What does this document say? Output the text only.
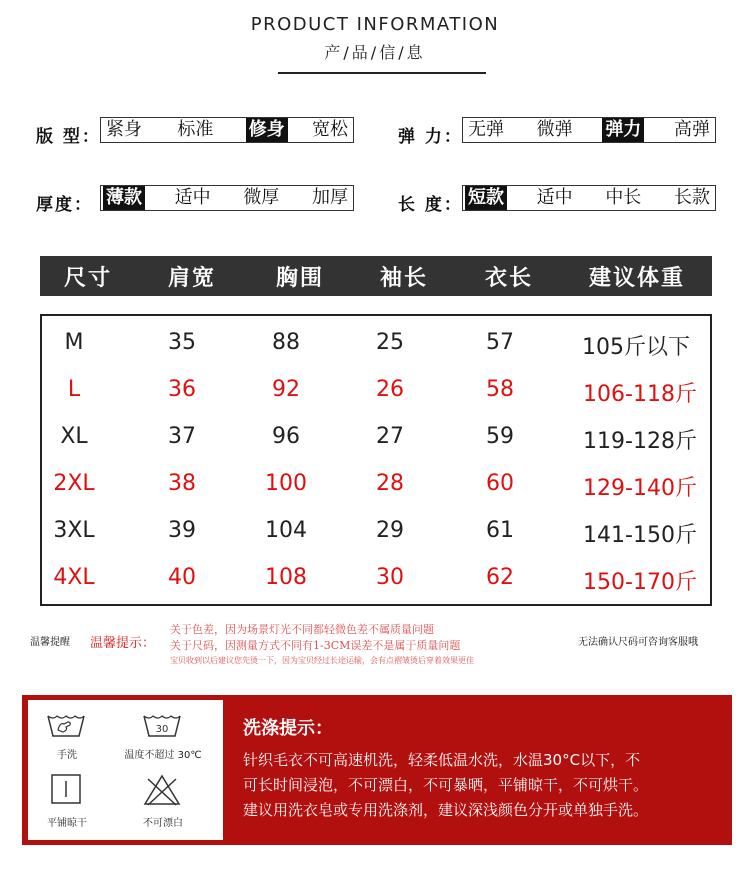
PRODUCT INFORMATION
产/品/信/息
版 型： 紧身 标准 修身 宽松	弹 力： 无弹 微弹 弹力 高弹
厚度： 薄款 适中 微厚 加厚	长 度： 短款 适中 中长 长款
尺寸	肩宽	胸围	袖长	衣长	建议体重
M	35	88	25	57	105斤以下
L	36	92	26	58	106-118斤
XL	37	96	27	59	119-128斤
2XL	38	100	28	60	129-140斤
3XL	39	104	29	61	141-150斤
4XL	40	108	30	62	150-170斤
温馨提醒 温馨提示：
关于色差，因为场景灯光不同都轻微色差不属质量问题
关于尺码，因测量方式不同有1-3CM误差不是属于质量问题
宝贝收到以后建议您先烫一下，因为宝贝经过长途运输，会有点褶皱烫后穿着效果更佳
无法确认尺码可咨询客服哦
手洗
30
温度不超过 30℃
平铺晾干	不可漂白
洗涤提示：
针织毛衣不可高速机洗，轻柔低温水洗，水温30°C以下，不
可长时间浸泡，不可漂白，不可暴晒，平铺晾干，不可烘干。
建议用洗衣皂或专用洗涤剂，建议深浅颜色分开或单独手洗。
